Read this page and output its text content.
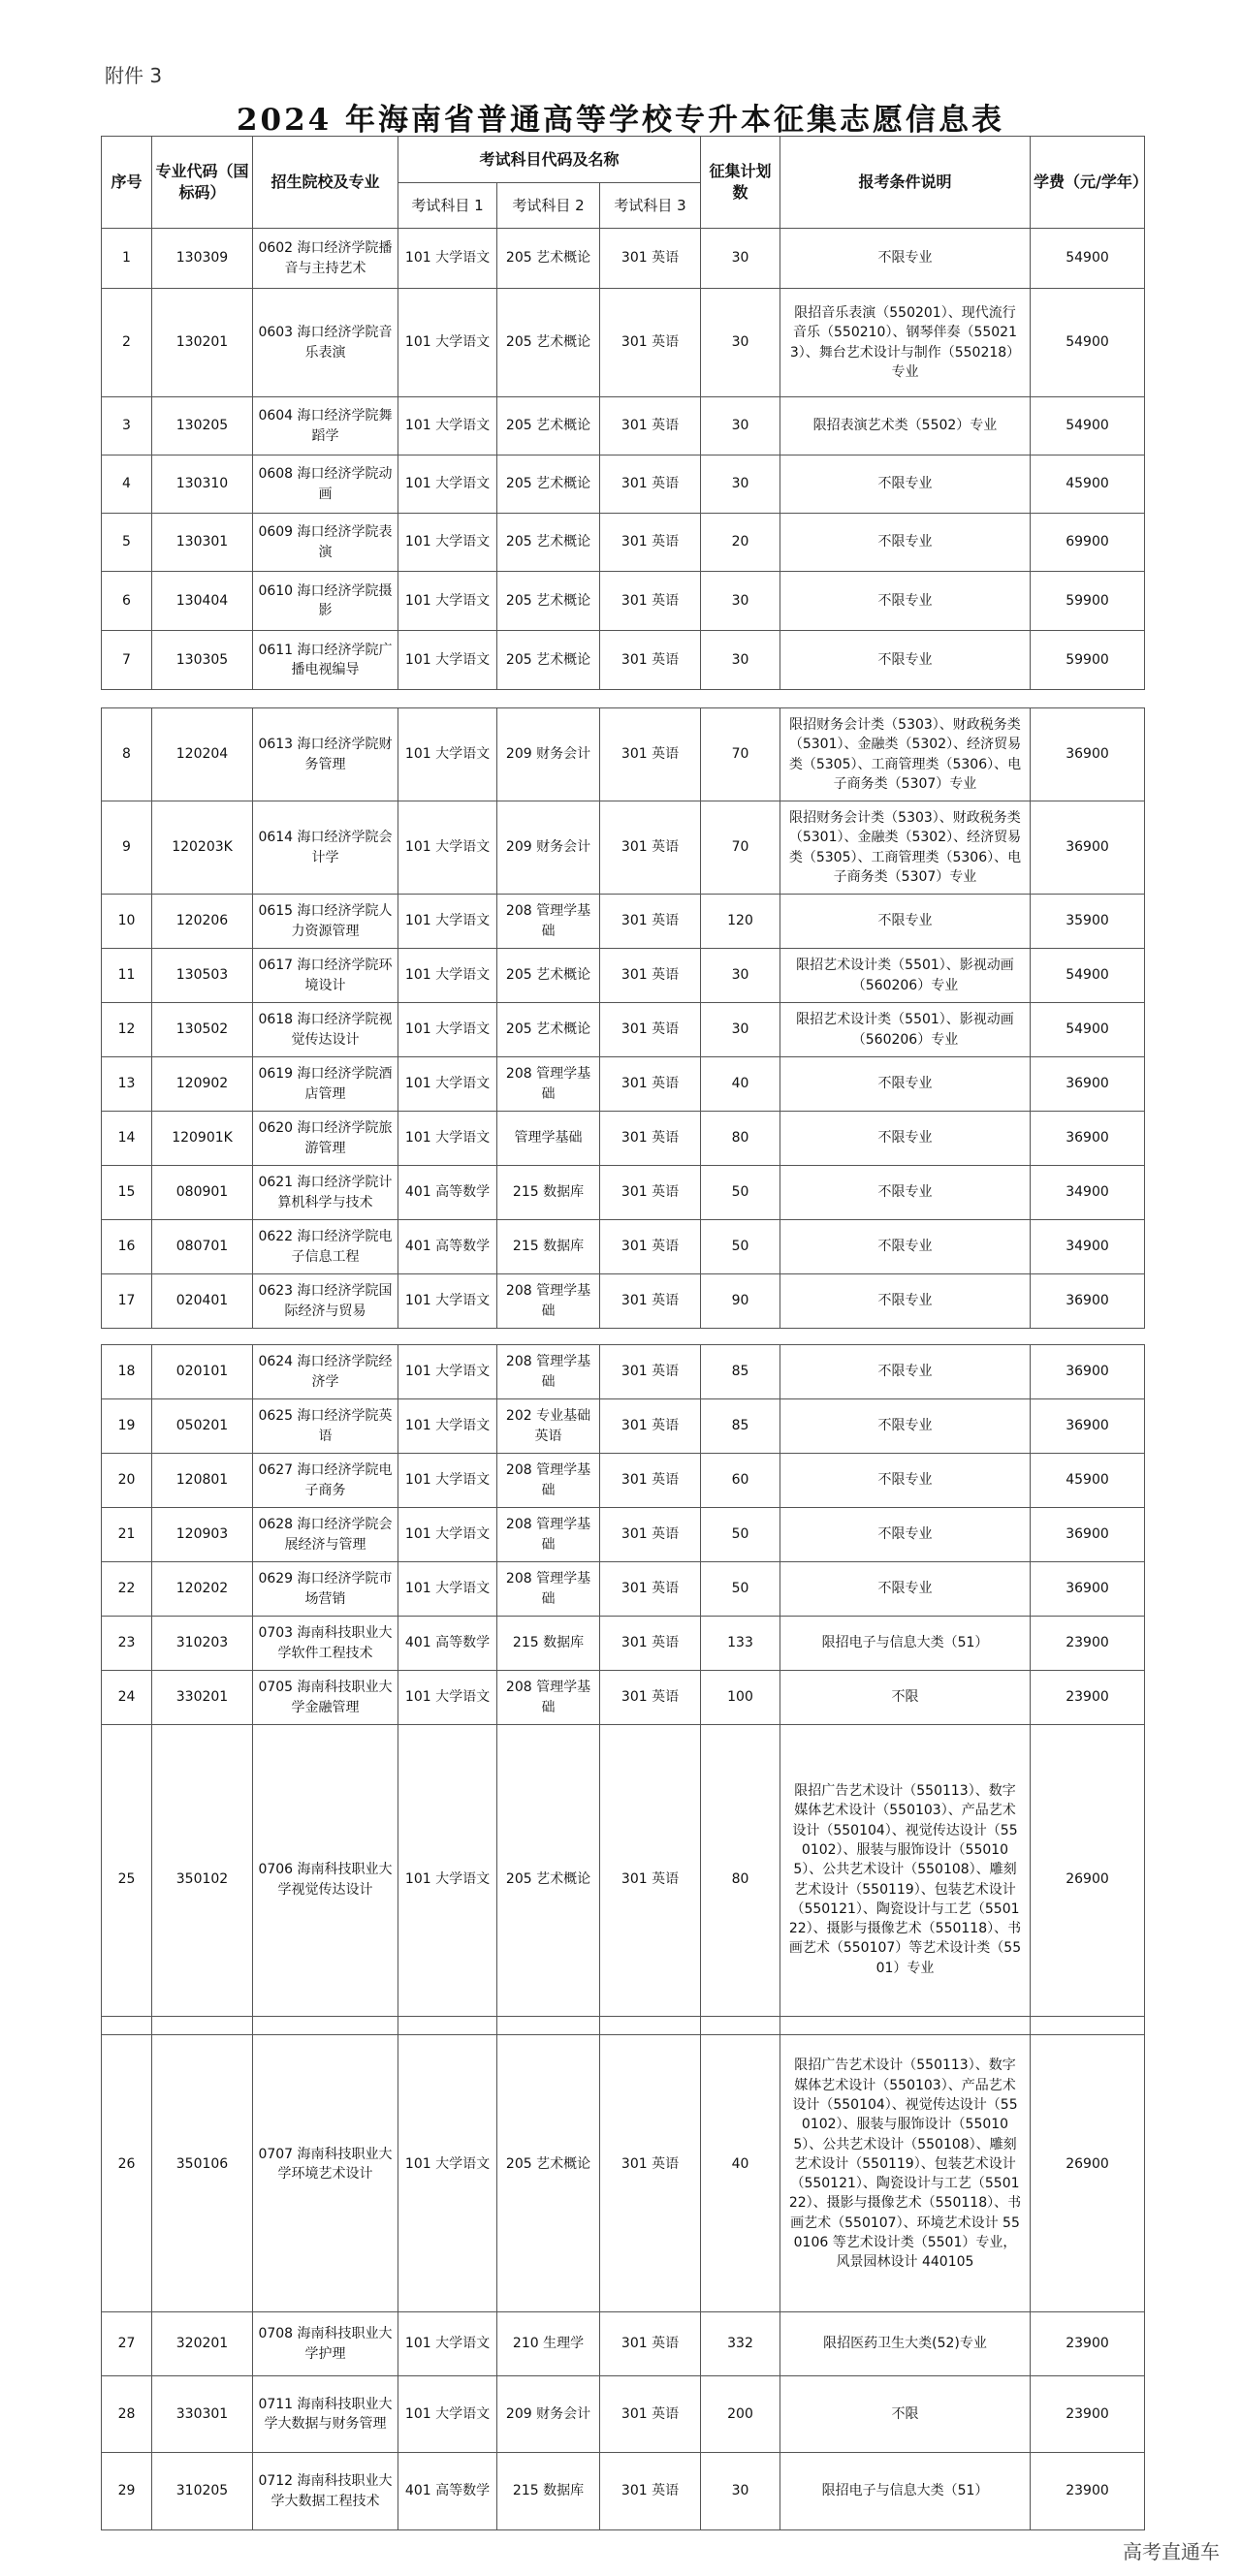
附件 3
2024 年海南省普通高等学校专升本征集志愿信息表
序号	专业代码（国标码）	招生院校及专业	考试科目代码及名称			征集计划数	报考条件说明	学费（元/学年）
			考试科目 1	考试科目 2	考试科目 3			
1	130309	0602 海口经济学院播音与主持艺术	101 大学语文	205 艺术概论	301 英语	30	不限专业	54900
2	130201	0603 海口经济学院音乐表演	101 大学语文	205 艺术概论	301 英语	30	限招音乐表演（550201）、现代流行音乐（550210）、钢琴伴奏（550213）、舞台艺术设计与制作（550218）专业	54900
3	130205	0604 海口经济学院舞蹈学	101 大学语文	205 艺术概论	301 英语	30	限招表演艺术类（5502）专业	54900
4	130310	0608 海口经济学院动画	101 大学语文	205 艺术概论	301 英语	30	不限专业	45900
5	130301	0609 海口经济学院表演	101 大学语文	205 艺术概论	301 英语	20	不限专业	69900
6	130404	0610 海口经济学院摄影	101 大学语文	205 艺术概论	301 英语	30	不限专业	59900
7	130305	0611 海口经济学院广播电视编导	101 大学语文	205 艺术概论	301 英语	30	不限专业	59900
8	120204	0613 海口经济学院财务管理	101 大学语文	209 财务会计	301 英语	70	限招财务会计类（5303）、财政税务类（5301）、金融类（5302）、经济贸易类（5305）、工商管理类（5306）、电子商务类（5307）专业	36900
9	120203K	0614 海口经济学院会计学	101 大学语文	209 财务会计	301 英语	70	限招财务会计类（5303）、财政税务类（5301）、金融类（5302）、经济贸易类（5305）、工商管理类（5306）、电子商务类（5307）专业	36900
10	120206	0615 海口经济学院人力资源管理	101 大学语文	208 管理学基础	301 英语	120	不限专业	35900
11	130503	0617 海口经济学院环境设计	101 大学语文	205 艺术概论	301 英语	30	限招艺术设计类（5501）、影视动画（560206）专业	54900
12	130502	0618 海口经济学院视觉传达设计	101 大学语文	205 艺术概论	301 英语	30	限招艺术设计类（5501）、影视动画（560206）专业	54900
13	120902	0619 海口经济学院酒店管理	101 大学语文	208 管理学基础	301 英语	40	不限专业	36900
14	120901K	0620 海口经济学院旅游管理	101 大学语文	管理学基础	301 英语	80	不限专业	36900
15	080901	0621 海口经济学院计算机科学与技术	401 高等数学	215 数据库	301 英语	50	不限专业	34900
16	080701	0622 海口经济学院电子信息工程	401 高等数学	215 数据库	301 英语	50	不限专业	34900
17	020401	0623 海口经济学院国际经济与贸易	101 大学语文	208 管理学基础	301 英语	90	不限专业	36900
18	020101	0624 海口经济学院经济学	101 大学语文	208 管理学基础	301 英语	85	不限专业	36900
19	050201	0625 海口经济学院英语	101 大学语文	202 专业基础英语	301 英语	85	不限专业	36900
20	120801	0627 海口经济学院电子商务	101 大学语文	208 管理学基础	301 英语	60	不限专业	45900
21	120903	0628 海口经济学院会展经济与管理	101 大学语文	208 管理学基础	301 英语	50	不限专业	36900
22	120202	0629 海口经济学院市场营销	101 大学语文	208 管理学基础	301 英语	50	不限专业	36900
23	310203	0703 海南科技职业大学软件工程技术	401 高等数学	215 数据库	301 英语	133	限招电子与信息大类（51）	23900
24	330201	0705 海南科技职业大学金融管理	101 大学语文	208 管理学基础	301 英语	100	不限	23900
25	350102	0706 海南科技职业大学视觉传达设计	101 大学语文	205 艺术概论	301 英语	80	限招广告艺术设计（550113）、数字媒体艺术设计（550103）、产品艺术设计（550104）、视觉传达设计（550102）、服装与服饰设计（550105）、公共艺术设计（550108）、雕刻艺术设计（550119）、包装艺术设计（550121）、陶瓷设计与工艺（550122）、摄影与摄像艺术（550118）、书画艺术（550107）等艺术设计类（5501）专业	26900
26	350106	0707 海南科技职业大学环境艺术设计	101 大学语文	205 艺术概论	301 英语	40	限招广告艺术设计（550113）、数字媒体艺术设计（550103）、产品艺术设计（550104）、视觉传达设计（550102）、服装与服饰设计（550105）、公共艺术设计（550108）、雕刻艺术设计（550119）、包装艺术设计（550121）、陶瓷设计与工艺（550122）、摄影与摄像艺术（550118）、书画艺术（550107）、环境艺术设计 550106 等艺术设计类（5501）专业，风景园林设计 440105	26900
27	320201	0708 海南科技职业大学护理	101 大学语文	210 生理学	301 英语	332	限招医药卫生大类(52)专业	23900
28	330301	0711 海南科技职业大学大数据与财务管理	101 大学语文	209 财务会计	301 英语	200	不限	23900
29	310205	0712 海南科技职业大学大数据工程技术	401 高等数学	215 数据库	301 英语	30	限招电子与信息大类（51）	23900
高考直通车
